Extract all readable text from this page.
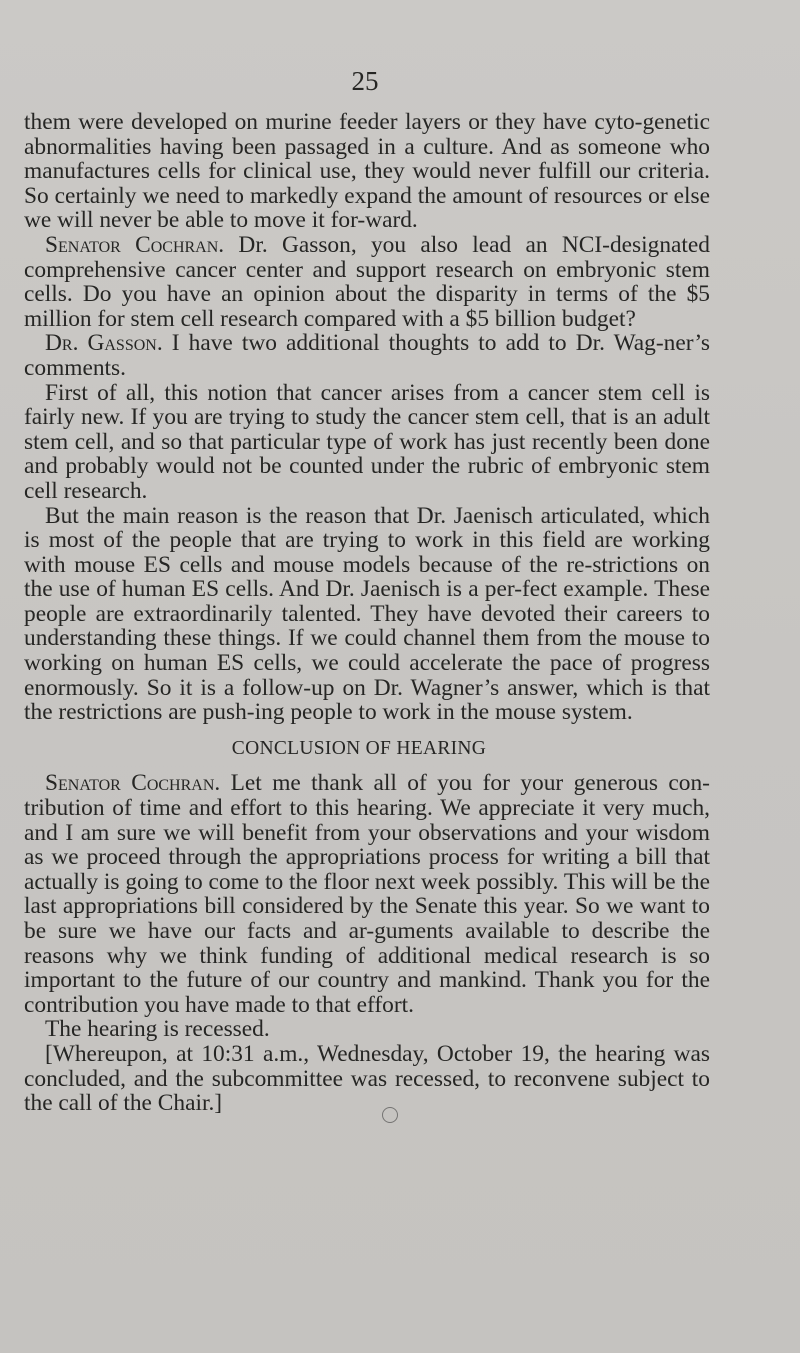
25

them were developed on murine feeder layers or they have cyto-genetic abnormalities having been passaged in a culture. And as someone who manufactures cells for clinical use, they would never fulfill our criteria. So certainly we need to markedly expand the amount of resources or else we will never be able to move it for-ward.

Senator Cochran. Dr. Gasson, you also lead an NCI-designated comprehensive cancer center and support research on embryonic stem cells. Do you have an opinion about the disparity in terms of the $5 million for stem cell research compared with a $5 billion budget?

Dr. Gasson. I have two additional thoughts to add to Dr. Wag-ner’s comments.

First of all, this notion that cancer arises from a cancer stem cell is fairly new. If you are trying to study the cancer stem cell, that is an adult stem cell, and so that particular type of work has just recently been done and probably would not be counted under the rubric of embryonic stem cell research.

But the main reason is the reason that Dr. Jaenisch articulated, which is most of the people that are trying to work in this field are working with mouse ES cells and mouse models because of the re-strictions on the use of human ES cells. And Dr. Jaenisch is a per-fect example. These people are extraordinarily talented. They have devoted their careers to understanding these things. If we could channel them from the mouse to working on human ES cells, we could accelerate the pace of progress enormously. So it is a follow-up on Dr. Wagner’s answer, which is that the restrictions are push-ing people to work in the mouse system.

CONCLUSION OF HEARING

Senator Cochran. Let me thank all of you for your generous con-tribution of time and effort to this hearing. We appreciate it very much, and I am sure we will benefit from your observations and your wisdom as we proceed through the appropriations process for writing a bill that actually is going to come to the floor next week possibly. This will be the last appropriations bill considered by the Senate this year. So we want to be sure we have our facts and ar-guments available to describe the reasons why we think funding of additional medical research is so important to the future of our country and mankind. Thank you for the contribution you have made to that effort.

The hearing is recessed.

[Whereupon, at 10:31 a.m., Wednesday, October 19, the hearing was concluded, and the subcommittee was recessed, to reconvene subject to the call of the Chair.]
